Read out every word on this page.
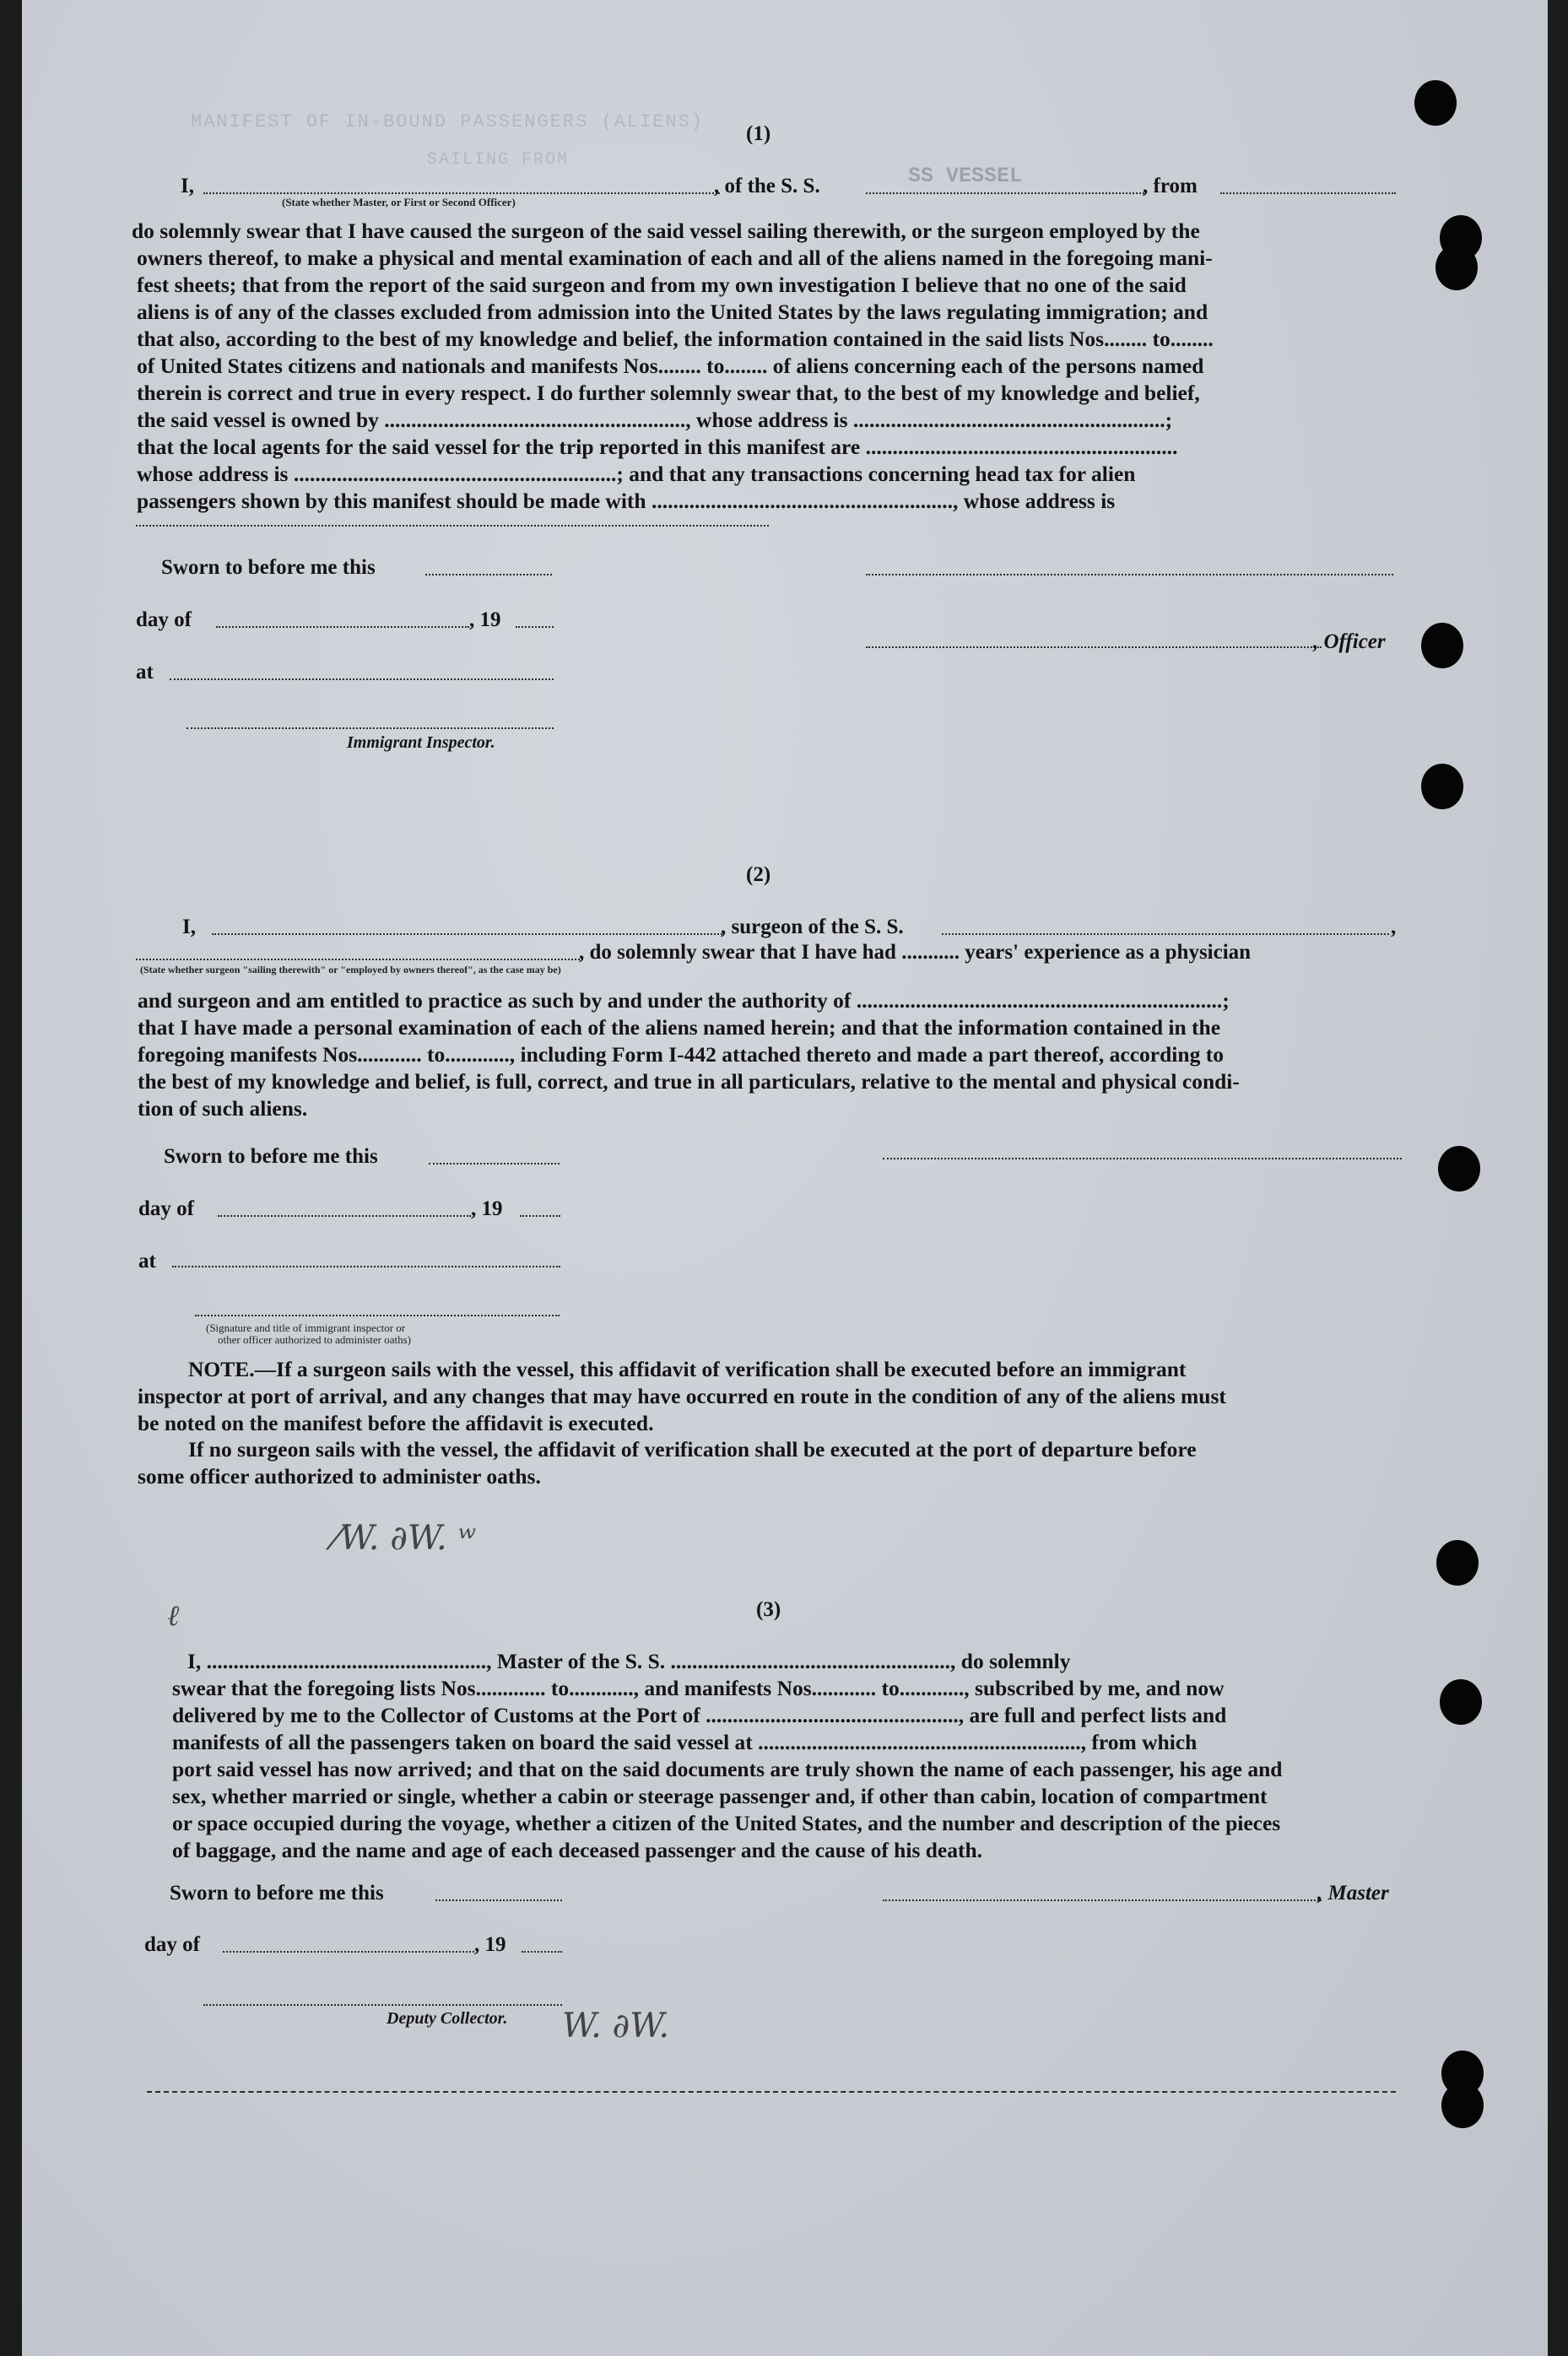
MANIFEST OF IN-BOUND PASSENGERS (ALIENS)
SAILING FROM
(1)
I,	, of the S. S.	SS VESSEL	, from
(State whether Master, or First or Second Officer)

do solemnly swear that I have caused the surgeon of the said vessel sailing therewith, or the surgeon employed by the

owners thereof, to make a physical and mental examination of each and all of the aliens named in the foregoing mani-

fest sheets; that from the report of the said surgeon and from my own investigation I believe that no one of the said

aliens is of any of the classes excluded from admission into the United States by the laws regulating immigration; and

that also, according to the best of my knowledge and belief, the information contained in the said lists Nos........ to........

of United States citizens and nationals and manifests Nos........ to........ of aliens concerning each of the persons named

therein is correct and true in every respect. I do further solemnly swear that, to the best of my knowledge and belief,

the said vessel is owned by ........................................................, whose address is ..........................................................;

that the local agents for the said vessel for the trip reported in this manifest are ..........................................................

whose address is ............................................................; and that any transactions concerning head tax for alien

passengers shown by this manifest should be made with ........................................................, whose address is

Sworn to before me this
day of	, 19
, Officer
at
Immigrant Inspector.
(2)
I,	, surgeon of the S. S.	,
, do solemnly swear that I have had ........... years' experience as a physician
(State whether surgeon "sailing therewith" or "employed by owners thereof", as the case may be)

and surgeon and am entitled to practice as such by and under the authority of ....................................................................;

that I have made a personal examination of each of the aliens named herein; and that the information contained in the

foregoing manifests Nos............ to............, including Form I-442 attached thereto and made a part thereof, according to

the best of my knowledge and belief, is full, correct, and true in all particulars, relative to the mental and physical condi-

tion of such aliens.

Sworn to before me this
day of	, 19
at
(Signature and title of immigrant inspector or
other officer authorized to administer oaths)

NOTE.—If a surgeon sails with the vessel, this affidavit of verification shall be executed before an immigrant

inspector at port of arrival, and any changes that may have occurred en route in the condition of any of the aliens must

be noted on the manifest before the affidavit is executed.

If no surgeon sails with the vessel, the affidavit of verification shall be executed at the port of departure before

some officer authorized to administer oaths.

⁄W. ∂W. ʷ
(3)
ℓ

I, ...................................................., Master of the S. S. ...................................................., do solemnly

swear that the foregoing lists Nos............. to............, and manifests Nos............ to............, subscribed by me, and now

delivered by me to the Collector of Customs at the Port of ..............................................., are full and perfect lists and

manifests of all the passengers taken on board the said vessel at ............................................................, from which

port said vessel has now arrived; and that on the said documents are truly shown the name of each passenger, his age and

sex, whether married or single, whether a cabin or steerage passenger and, if other than cabin, location of compartment

or space occupied during the voyage, whether a citizen of the United States, and the number and description of the pieces

of baggage, and the name and age of each deceased passenger and the cause of his death.

Sworn to before me this	, Master
day of	, 19
Deputy Collector. W. ∂W.
